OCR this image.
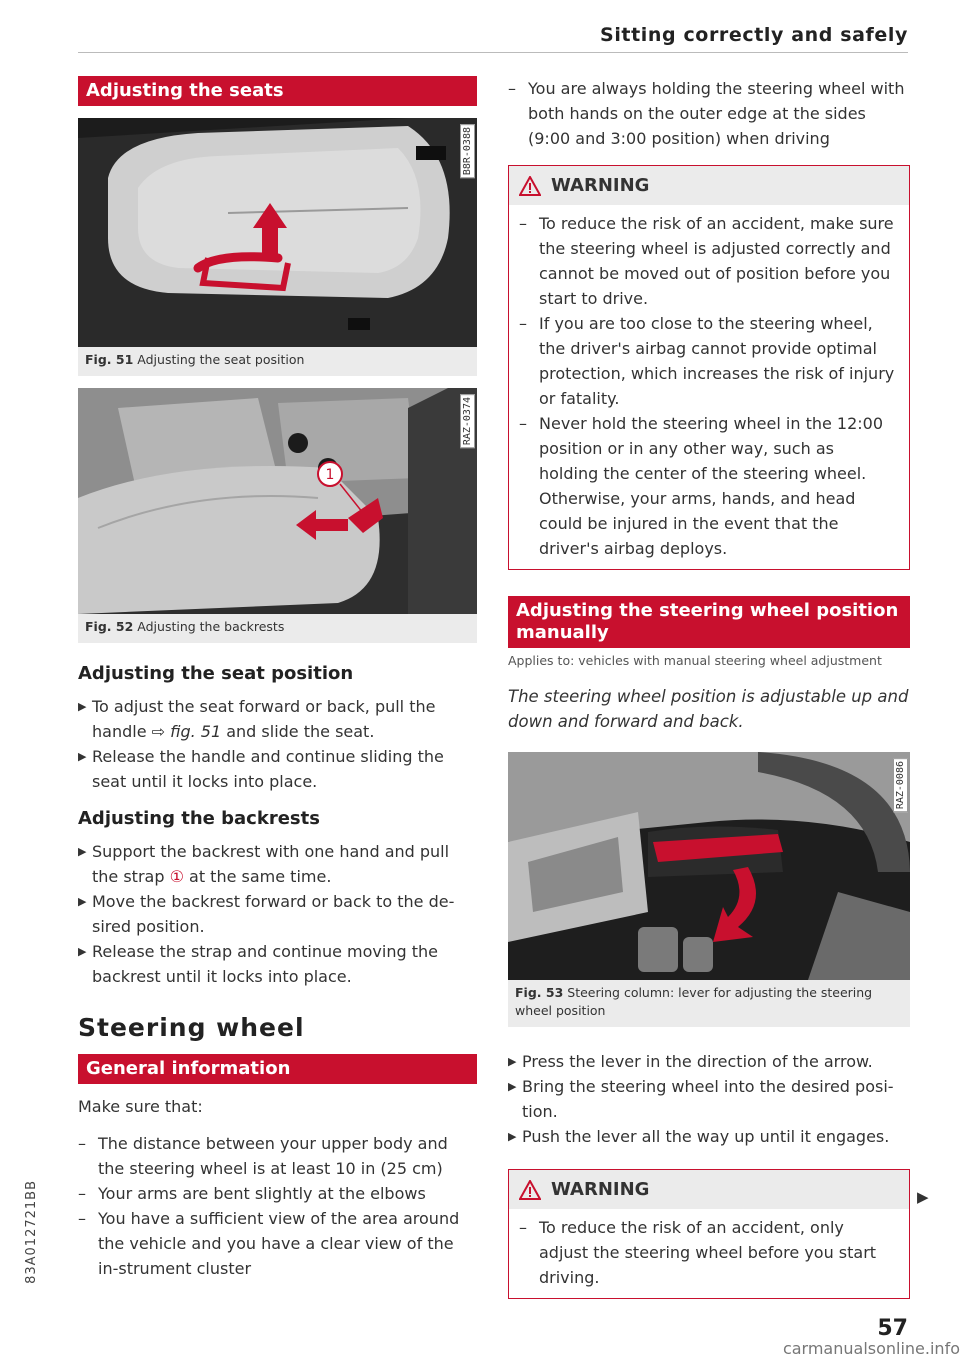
Sitting correctly and safely
Adjusting the seats
B8R-0388
Fig. 51 Adjusting the seat position
1
RAZ-0374
Fig. 52 Adjusting the backrests
Adjusting the seat position
▶ To adjust the seat forward or back, pull the handle ⇨ fig. 51 and slide the seat.
▶ Release the handle and continue sliding the seat until it locks into place.
Adjusting the backrests
▶ Support the backrest with one hand and pull the strap ① at the same time.
▶ Move the backrest forward or back to the de-sired position.
▶ Release the strap and continue moving the backrest until it locks into place.
Steering wheel
General information
Make sure that:
– The distance between your upper body and the steering wheel is at least 10 in (25 cm)
– Your arms are bent slightly at the elbows
– You have a sufficient view of the area around the vehicle and you have a clear view of the in-strument cluster
– You are always holding the steering wheel with both hands on the outer edge at the sides (9:00 and 3:00 position) when driving
WARNING
– To reduce the risk of an accident, make sure the steering wheel is adjusted correctly and cannot be moved out of position before you start to drive.
– If you are too close to the steering wheel, the driver's airbag cannot provide optimal protection, which increases the risk of injury or fatality.
– Never hold the steering wheel in the 12:00 position or in any other way, such as holding the center of the steering wheel. Otherwise, your arms, hands, and head could be injured in the event that the driver's airbag deploys.
Adjusting the steering wheel position manually
Applies to: vehicles with manual steering wheel adjustment
The steering wheel position is adjustable up and down and forward and back.
RAZ-0086
Fig. 53 Steering column: lever for adjusting the steering wheel position
▶ Press the lever in the direction of the arrow.
▶ Bring the steering wheel into the desired posi-tion.
▶ Push the lever all the way up until it engages.
WARNING
– To reduce the risk of an accident, only adjust the steering wheel before you start driving.
▶
83A012721BB
57
carmanualsonline.info
